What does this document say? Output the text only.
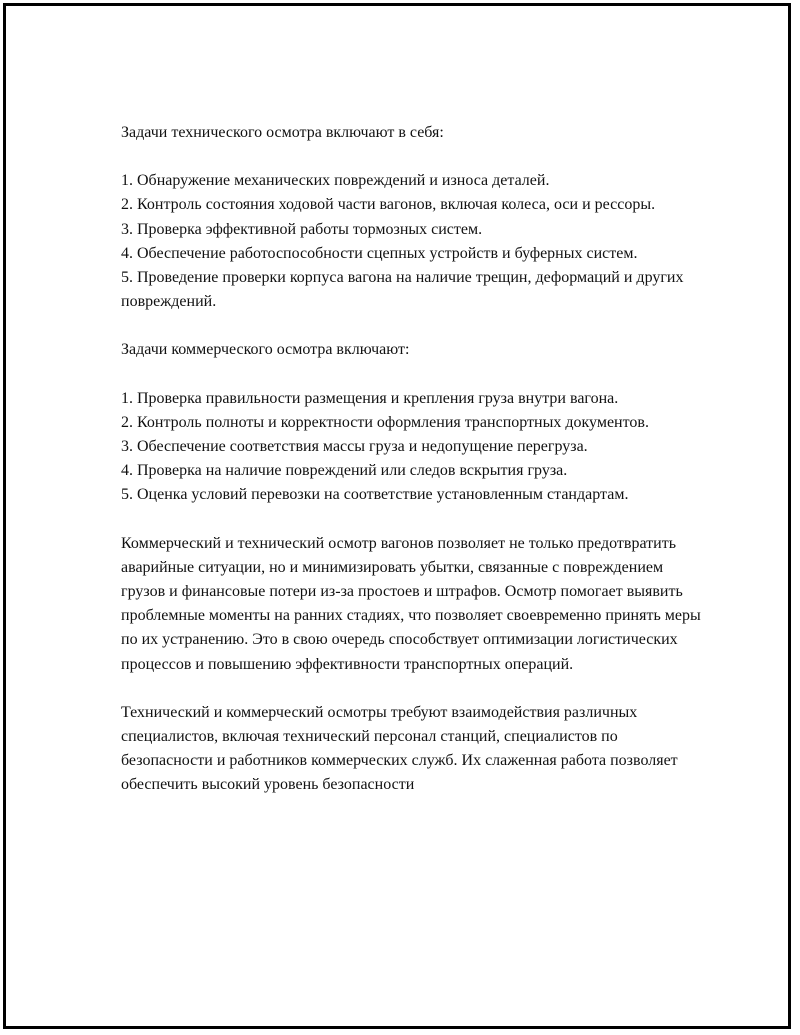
Задачи технического осмотра включают в себя:

1. Обнаружение механических повреждений и износа деталей.

2. Контроль состояния ходовой части вагонов, включая колеса, оси и рессоры.

3. Проверка эффективной работы тормозных систем.

4. Обеспечение работоспособности сцепных устройств и буферных систем.

5. Проведение проверки корпуса вагона на наличие трещин, деформаций и других повреждений.

Задачи коммерческого осмотра включают:

1. Проверка правильности размещения и крепления груза внутри вагона.

2. Контроль полноты и корректности оформления транспортных документов.

3. Обеспечение соответствия массы груза и недопущение перегруза.

4. Проверка на наличие повреждений или следов вскрытия груза.

5. Оценка условий перевозки на соответствие установленным стандартам.

Коммерческий и технический осмотр вагонов позволяет не только предотвратить аварийные ситуации, но и минимизировать убытки, связанные с повреждением грузов и финансовые потери из-за простоев и штрафов. Осмотр помогает выявить проблемные моменты на ранних стадиях, что позволяет своевременно принять меры по их устранению. Это в свою очередь способствует оптимизации логистических процессов и повышению эффективности транспортных операций.

Технический и коммерческий осмотры требуют взаимодействия различных специалистов, включая технический персонал станций, специалистов по безопасности и работников коммерческих служб. Их слаженная работа позволяет обеспечить высокий уровень безопасности
